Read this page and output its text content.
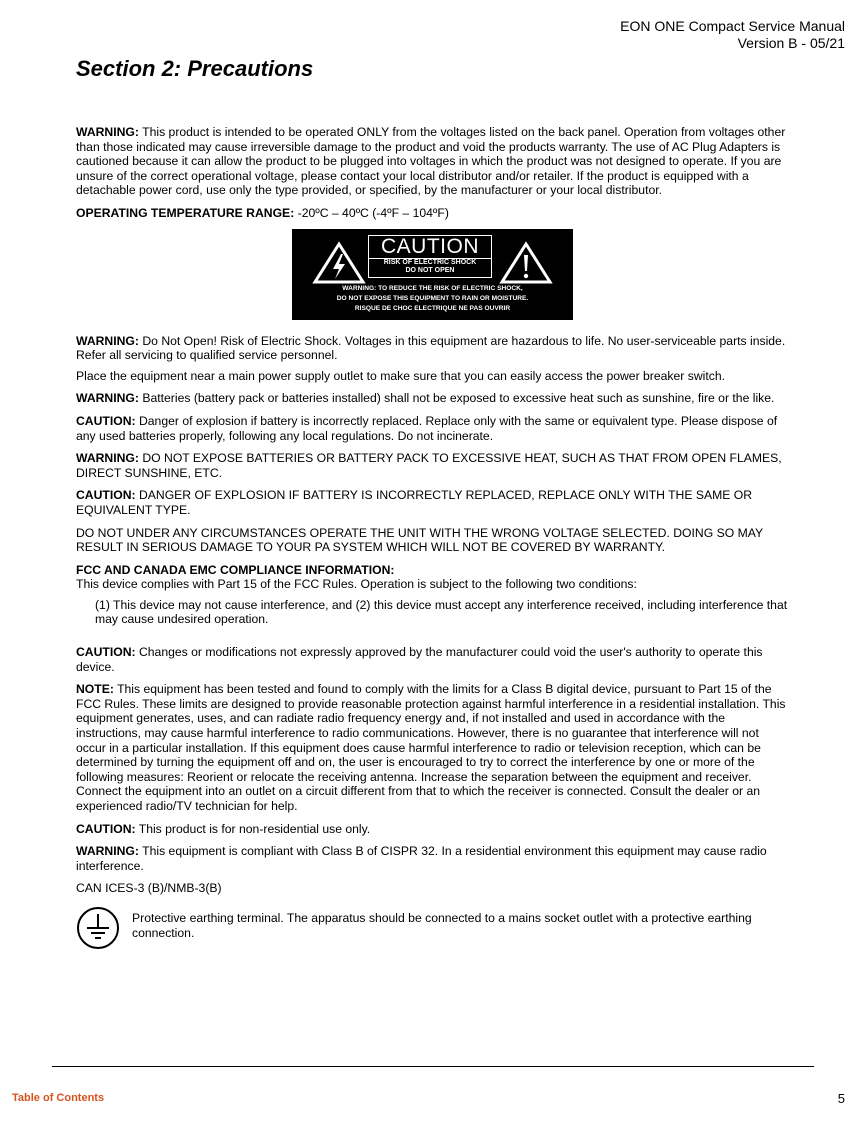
EON ONE Compact Service Manual
Version B - 05/21
Section 2: Precautions

WARNING: This product is intended to be operated ONLY from the voltages listed on the back panel. Operation from voltages other than those indicated may cause irreversible damage to the product and void the products warranty. The use of AC Plug Adapters is cautioned because it can allow the product to be plugged into voltages in which the product was not designed to operate. If you are unsure of the correct operational voltage, please contact your local distributor and/or retailer. If the product is equipped with a detachable power cord, use only the type provided, or specified, by the manufacturer or your local distributor.

OPERATING TEMPERATURE RANGE: -20ºC – 40ºC (-4ºF – 104ºF)

CAUTION
RISK OF ELECTRIC SHOCK
DO NOT OPEN
WARNING: TO REDUCE THE RISK OF ELECTRIC SHOCK,
DO NOT EXPOSE THIS EQUIPMENT TO RAIN OR MOISTURE.
RISQUE DE CHOC ELECTRIQUE NE PAS OUVRIR

WARNING: Do Not Open! Risk of Electric Shock. Voltages in this equipment are hazardous to life. No user-serviceable parts inside. Refer all servicing to qualified service personnel.

Place the equipment near a main power supply outlet to make sure that you can easily access the power breaker switch.

WARNING: Batteries (battery pack or batteries installed) shall not be exposed to excessive heat such as sunshine, fire or the like.

CAUTION: Danger of explosion if battery is incorrectly replaced. Replace only with the same or equivalent type. Please dispose of any used batteries properly, following any local regulations. Do not incinerate.

WARNING: DO NOT EXPOSE BATTERIES OR BATTERY PACK TO EXCESSIVE HEAT, SUCH AS THAT FROM OPEN FLAMES, DIRECT SUNSHINE, ETC.

CAUTION: DANGER OF EXPLOSION IF BATTERY IS INCORRECTLY REPLACED, REPLACE ONLY WITH THE SAME OR EQUIVALENT TYPE.

DO NOT UNDER ANY CIRCUMSTANCES OPERATE THE UNIT WITH THE WRONG VOLTAGE SELECTED. DOING SO MAY RESULT IN SERIOUS DAMAGE TO YOUR PA SYSTEM WHICH WILL NOT BE COVERED BY WARRANTY.

FCC AND CANADA EMC COMPLIANCE INFORMATION:

This device complies with Part 15 of the FCC Rules. Operation is subject to the following two conditions:

(1) This device may not cause interference, and (2) this device must accept any interference received, including interference that may cause undesired operation.

CAUTION: Changes or modifications not expressly approved by the manufacturer could void the user's authority to operate this device.

NOTE: This equipment has been tested and found to comply with the limits for a Class B digital device, pursuant to Part 15 of the FCC Rules. These limits are designed to provide reasonable protection against harmful interference in a residential installation. This equipment generates, uses, and can radiate radio frequency energy and, if not installed and used in accordance with the instructions, may cause harmful interference to radio communications. However, there is no guarantee that interference will not occur in a particular installation. If this equipment does cause harmful interference to radio or television reception, which can be determined by turning the equipment off and on, the user is encouraged to try to correct the interference by one or more of the following measures: Reorient or relocate the receiving antenna. Increase the separation between the equipment and receiver. Connect the equipment into an outlet on a circuit different from that to which the receiver is connected. Consult the dealer or an experienced radio/TV technician for help.

CAUTION: This product is for non-residential use only.

WARNING: This equipment is compliant with Class B of CISPR 32. In a residential environment this equipment may cause radio interference.

CAN ICES-3 (B)/NMB-3(B)

Protective earthing terminal. The apparatus should be connected to a mains socket outlet with a protective earthing connection.
Table of Contents	5
